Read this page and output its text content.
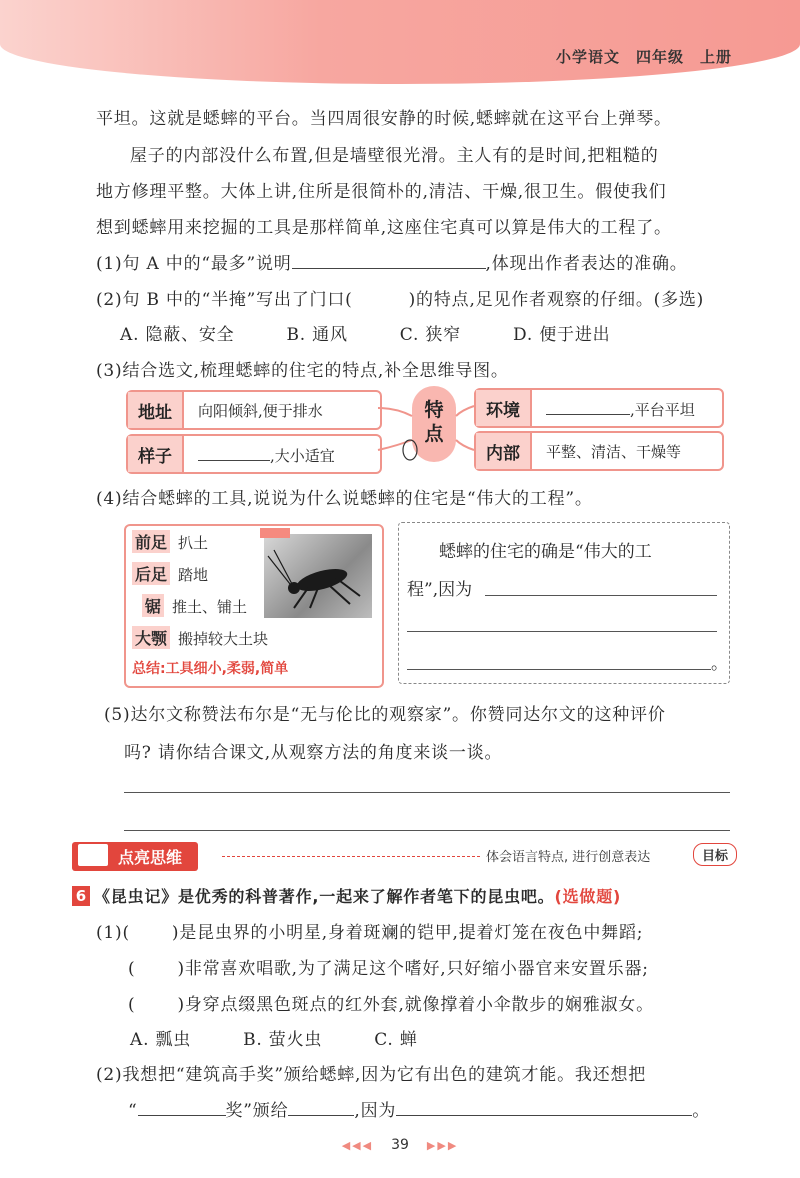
小学语文　四年级　上册
平坦。这就是蟋蟀的平台。当四周很安静的时候,蟋蟀就在这平台上弹琴。
屋子的内部没什么布置,但是墙壁很光滑。主人有的是时间,把粗糙的
地方修理平整。大体上讲,住所是很简朴的,清洁、干燥,很卫生。假使我们
想到蟋蟀用来挖掘的工具是那样简单,这座住宅真可以算是伟大的工程了。
(1)句 A 中的“最多”说明	,体现出作者表达的准确。
(2)句 B 中的“半掩”写出了门口(	)的特点,足见作者观察的仔细。(多选)
A. 隐蔽、安全	B. 通风	C. 狭窄	D. 便于进出
(3)结合选文,梳理蟋蟀的住宅的特点,补全思维导图。
地址	向阳倾斜,便于排水
样子	,大小适宜
特点
环境	,平台平坦
内部	平整、清洁、干燥等
(4)结合蟋蟀的工具,说说为什么说蟋蟀的住宅是“伟大的工程”。
前足 扒土
后足 踏地
锯 推土、铺土
大颚 搬掉较大土块
总结:工具细小,柔弱,简单
蟋蟀的住宅的确是“伟大的工
程”,因为
。
(5)达尔文称赞法布尔是“无与伦比的观察家”。你赞同达尔文的这种评价
吗? 请你结合课文,从观察方法的角度来谈一谈。
点亮思维	体会语言特点, 进行创意表达	目标
6 《昆虫记》是优秀的科普著作,一起来了解作者笔下的昆虫吧。(选做题)
(1)( )是昆虫界的小明星,身着斑斓的铠甲,提着灯笼在夜色中舞蹈;
( )非常喜欢唱歌,为了满足这个嗜好,只好缩小器官来安置乐器;
( )身穿点缀黑色斑点的红外套,就像撑着小伞散步的娴雅淑女。
A. 瓢虫	B. 萤火虫	C. 蝉
(2)我想把“建筑高手奖”颁给蟋蟀,因为它有出色的建筑才能。我还想把
“	奖”颁给	,因为	。
◀◀◀ 39 ▶▶▶
